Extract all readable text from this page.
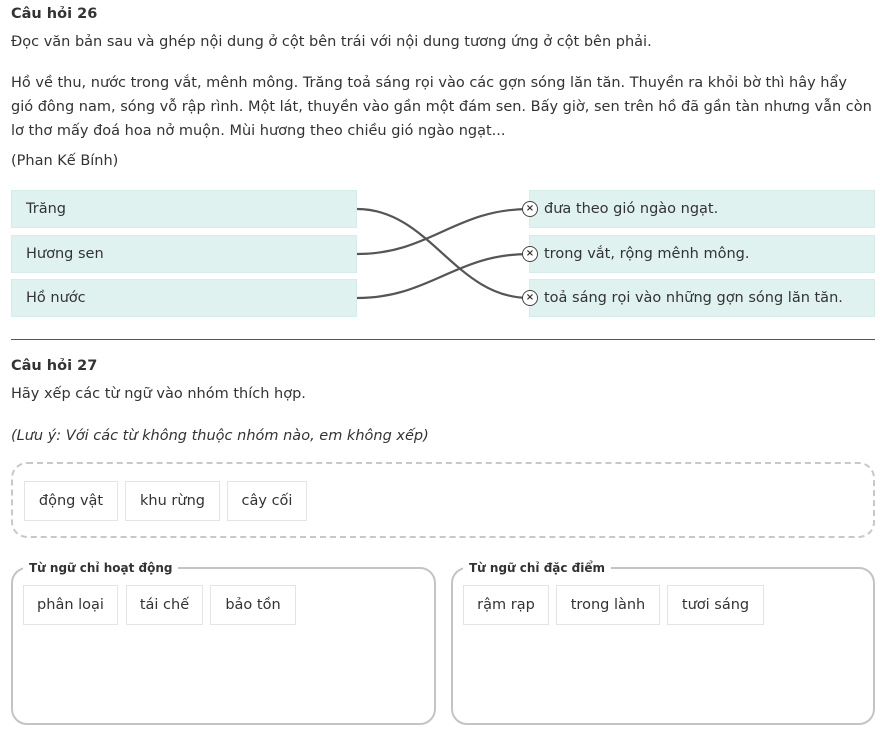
Câu hỏi 26
Đọc văn bản sau và ghép nội dung ở cột bên trái với nội dung tương ứng ở cột bên phải.
Hồ về thu, nước trong vắt, mênh mông. Trăng toả sáng rọi vào các gợn sóng lăn tăn. Thuyền ra khỏi bờ thì hây hẩy gió đông nam, sóng vỗ rập rình. Một lát, thuyền vào gần một đám sen. Bấy giờ, sen trên hồ đã gần tàn nhưng vẫn còn lơ thơ mấy đoá hoa nở muộn. Mùi hương theo chiều gió ngào ngạt...
(Phan Kế Bính)
Trăng
Hương sen
Hồ nước
× đưa theo gió ngào ngạt.
× trong vắt, rộng mênh mông.
× toả sáng rọi vào những gợn sóng lăn tăn.
Câu hỏi 27
Hãy xếp các từ ngữ vào nhóm thích hợp.
(Lưu ý: Với các từ không thuộc nhóm nào, em không xếp)
động vật	khu rừng	cây cối
Từ ngữ chỉ hoạt động
phân loại	tái chế	bảo tồn
Từ ngữ chỉ đặc điểm
rậm rạp	trong lành	tươi sáng
